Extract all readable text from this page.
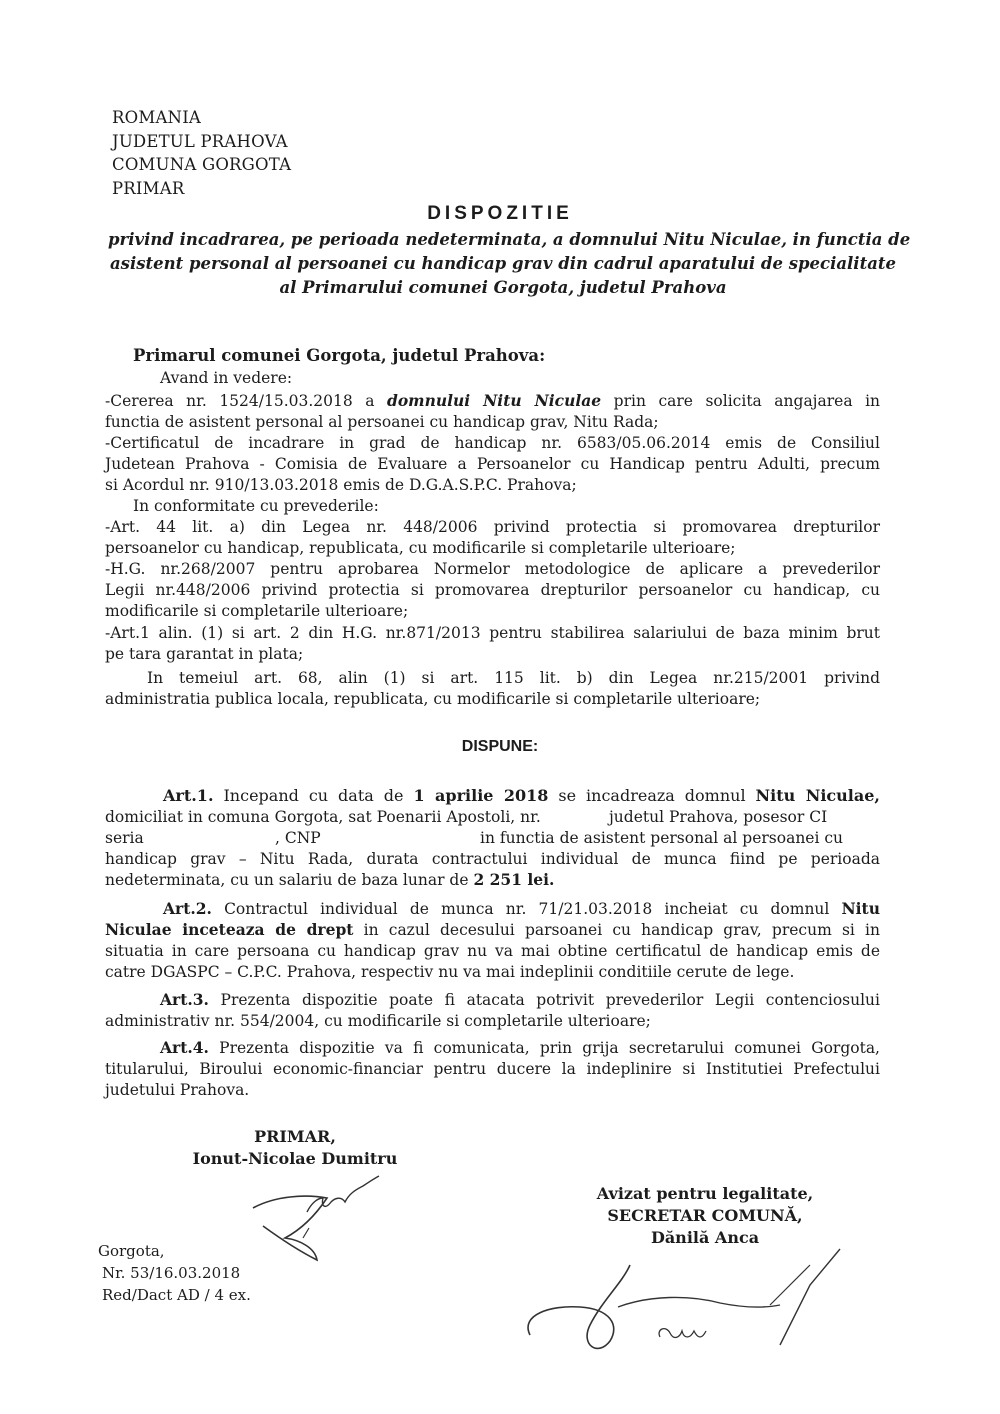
ROMANIA
JUDETUL PRAHOVA
COMUNA GORGOTA
PRIMAR
DISPOZITIE
privind incadrarea, pe perioada nedeterminata, a domnului Nitu Niculae, in functia de
asistent personal al persoanei cu handicap grav din cadrul aparatului de specialitate
al Primarului comunei Gorgota, judetul Prahova
Primarul comunei Gorgota, judetul Prahova:
Avand in vedere:
-Cererea nr. 1524/15.03.2018 a domnului Nitu Niculae prin care solicita angajarea in
functia de asistent personal al persoanei cu handicap grav, Nitu Rada;
-Certificatul de incadrare in grad de handicap nr. 6583/05.06.2014 emis de Consiliul
Judetean Prahova - Comisia de Evaluare a Persoanelor cu Handicap pentru Adulti, precum
si Acordul nr. 910/13.03.2018 emis de D.G.A.S.P.C. Prahova;
In conformitate cu prevederile:
-Art. 44 lit. a) din Legea nr. 448/2006 privind protectia si promovarea drepturilor
persoanelor cu handicap, republicata, cu modificarile si completarile ulterioare;
-H.G. nr.268/2007 pentru aprobarea Normelor metodologice de aplicare a prevederilor
Legii nr.448/2006 privind protectia si promovarea drepturilor persoanelor cu handicap, cu
modificarile si completarile ulterioare;
-Art.1 alin. (1) si art. 2 din H.G. nr.871/2013 pentru stabilirea salariului de baza minim brut
pe tara garantat in plata;
In temeiul art. 68, alin (1) si art. 115 lit. b) din Legea nr.215/2001 privind
administratia publica locala, republicata, cu modificarile si completarile ulterioare;
DISPUNE:
Art.1. Incepand cu data de 1 aprilie 2018 se incadreaza domnul Nitu Niculae,
domiciliat in comuna Gorgota, sat Poenarii Apostoli, nr.	judetul Prahova, posesor CI
seria	, CNP	in functia de asistent personal al persoanei cu
handicap grav – Nitu Rada, durata contractului individual de munca fiind pe perioada
nedeterminata, cu un salariu de baza lunar de 2 251 lei.
Art.2. Contractul individual de munca nr. 71/21.03.2018 incheiat cu domnul Nitu
Niculae inceteaza de drept in cazul decesului parsoanei cu handicap grav, precum si in
situatia in care persoana cu handicap grav nu va mai obtine certificatul de handicap emis de
catre DGASPC – C.P.C. Prahova, respectiv nu va mai indeplinii conditiile cerute de lege.
Art.3. Prezenta dispozitie poate fi atacata potrivit prevederilor Legii contenciosului
administrativ nr. 554/2004, cu modificarile si completarile ulterioare;
Art.4. Prezenta dispozitie va fi comunicata, prin grija secretarului comunei Gorgota,
titularului, Biroului economic-financiar pentru ducere la indeplinire si Institutiei Prefectului
judetului Prahova.
PRIMAR,
Ionut-Nicolae Dumitru
Avizat pentru legalitate,
SECRETAR COMUNĂ,
Dănilă Anca
Gorgota,
Nr. 53/16.03.2018
Red/Dact AD / 4 ex.
